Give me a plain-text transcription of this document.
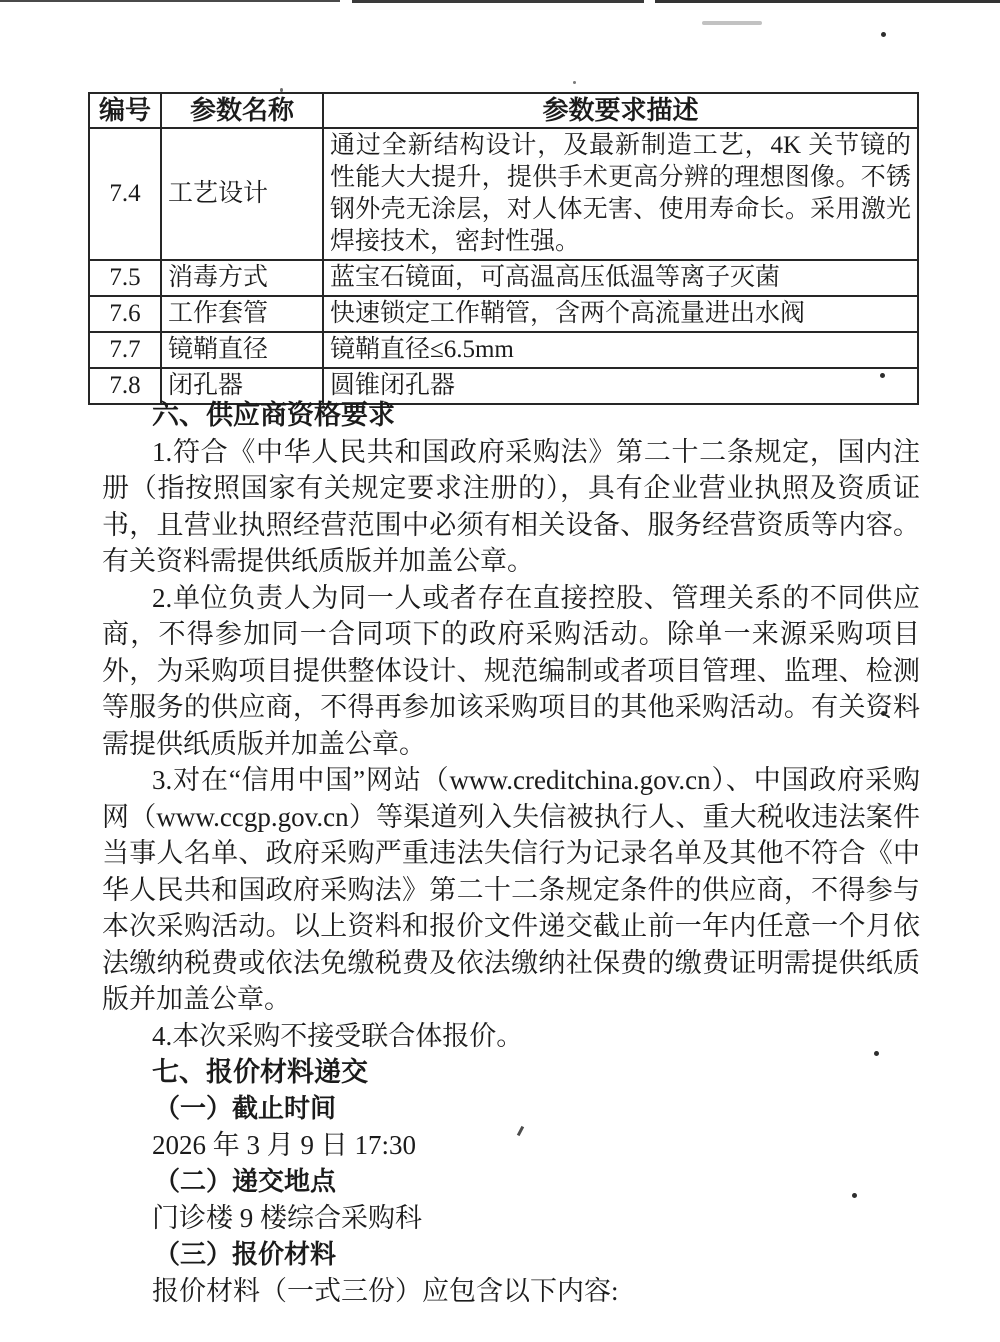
编号	参数名称	参数要求描述
7.4	工艺设计	通过全新结构设计，及最新制造工艺，4K 关节镜的性能大大提升，提供手术更高分辨的理想图像。不锈钢外壳无涂层，对人体无害、使用寿命长。采用激光焊接技术，密封性强。
7.5	消毒方式	蓝宝石镜面，可高温高压低温等离子灭菌
7.6	工作套管	快速锁定工作鞘管，含两个高流量进出水阀
7.7	镜鞘直径	镜鞘直径≤6.5mm
7.8	闭孔器	圆锥闭孔器
六、供应商资格要求

1.符合《中华人民共和国政府采购法》第二十二条规定，国内注册（指按照国家有关规定要求注册的），具有企业营业执照及资质证书，且营业执照经营范围中必须有相关设备、服务经营资质等内容。有关资料需提供纸质版并加盖公章。

2.单位负责人为同一人或者存在直接控股、管理关系的不同供应商，不得参加同一合同项下的政府采购活动。除单一来源采购项目外，为采购项目提供整体设计、规范编制或者项目管理、监理、检测等服务的供应商，不得再参加该采购项目的其他采购活动。有关资料需提供纸质版并加盖公章。

3.对在“信用中国”网站（www.creditchina.gov.cn）、中国政府采购网（www.ccgp.gov.cn）等渠道列入失信被执行人、重大税收违法案件当事人名单、政府采购严重违法失信行为记录名单及其他不符合《中华人民共和国政府采购法》第二十二条规定条件的供应商，不得参与本次采购活动。以上资料和报价文件递交截止前一年内任意一个月依法缴纳税费或依法免缴税费及依法缴纳社保费的缴费证明需提供纸质版并加盖公章。

4.本次采购不接受联合体报价。

七、报价材料递交
（一）截止时间
2026 年 3 月 9 日 17:30
（二）递交地点
门诊楼 9 楼综合采购科
（三）报价材料
报价材料（一式三份）应包含以下内容:
